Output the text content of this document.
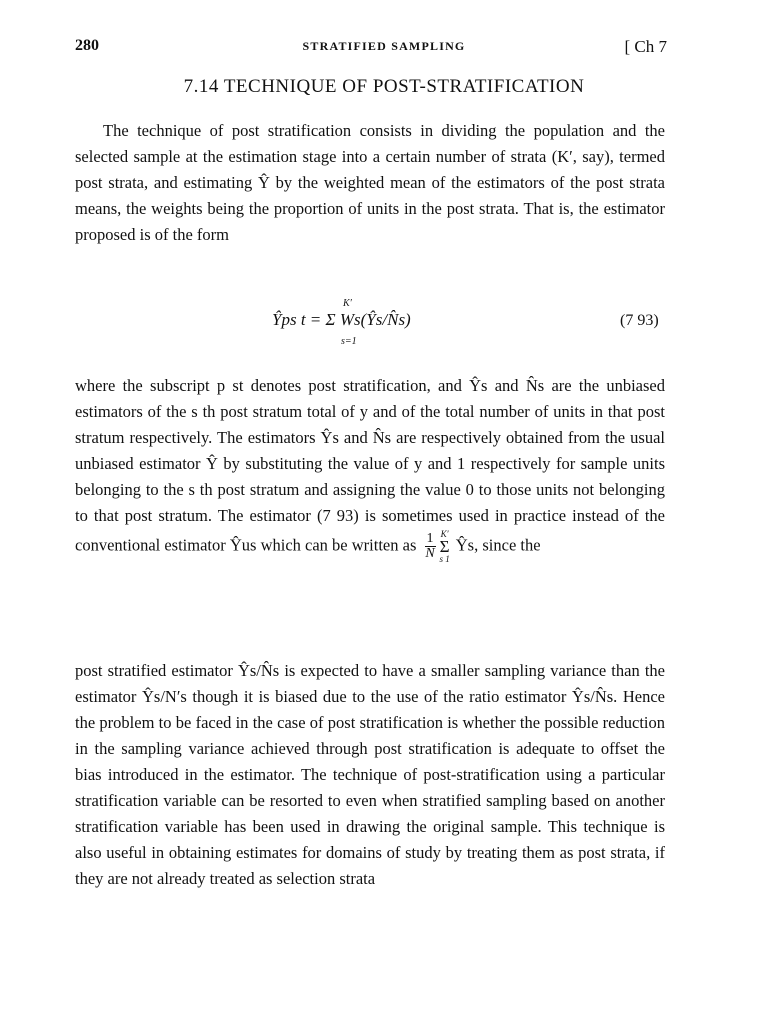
280	STRATIFIED SAMPLING	[ Ch 7
7.14 TECHNIQUE OF POST-STRATIFICATION

The technique of post stratification consists in dividing the population and the selected sample at the estimation stage into a certain number of strata (K′, say), termed post strata, and estimating Ŷ by the weighted mean of the estimators of the post strata means, the weights being the proportion of units in the post strata. That is, the estimator proposed is of the form

K′
Ŷps t = Σ Ws(Ŷs/N̂s)
s=1
(7 93)

where the subscript p st denotes post stratification, and Ŷs and N̂s are the unbiased estimators of the s th post stratum total of y and of the total number of units in that post stratum respectively. The estimators Ŷs and N̂s are respectively obtained from the usual unbiased estimator Ŷ by substituting the value of y and 1 respectively for sample units belonging to the s th post stratum and assigning the value 0 to those units not belonging to that post stratum. The estimator (7 93) is sometimes used in practice instead of the conventional estimator Ŷus which can be written as $\frac{1}{N} K'$
Σ
s 1
Ŷs, since the

post stratified estimator Ŷs/N̂s is expected to have a smaller sampling variance than the estimator Ŷs/N′s though it is biased due to the use of the ratio estimator Ŷs/N̂s. Hence the problem to be faced in the case of post stratification is whether the possible reduction in the sampling variance achieved through post stratification is adequate to offset the bias introduced in the estimator. The technique of post-stratification using a particular stratification variable can be resorted to even when stratified sampling based on another stratification variable has been used in drawing the original sample. This technique is also useful in obtaining estimates for domains of study by treating them as post strata, if they are not already treated as selection strata
